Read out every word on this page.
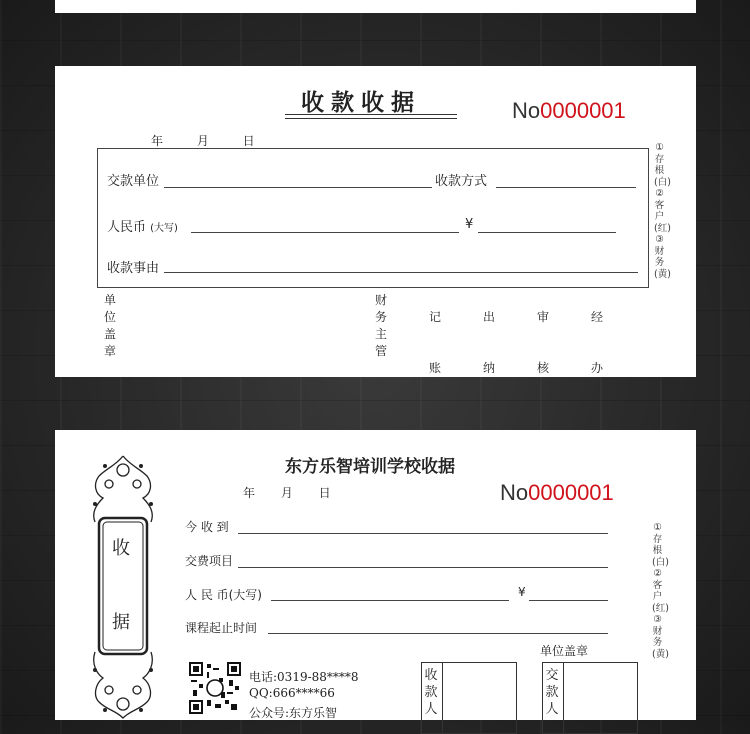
收款收据	No0000001
年 月 日
交款单位	收款方式
人民币 (大写)	¥
收款事由
单位盖章
财务主管
记账
出纳
审核
经办
①存根(白)②客户(红)③财务(黄)
收
据
东方乐智培训学校收据
年 月 日	No0000001
今 收 到
交费项目
人 民 币(大写)	¥
课程起止时间
单位盖章
电话:0319-88****8
QQ:666****66
公众号:东方乐智
收款人
交款人
①存根(白)②客户(红)③财务(黄)
